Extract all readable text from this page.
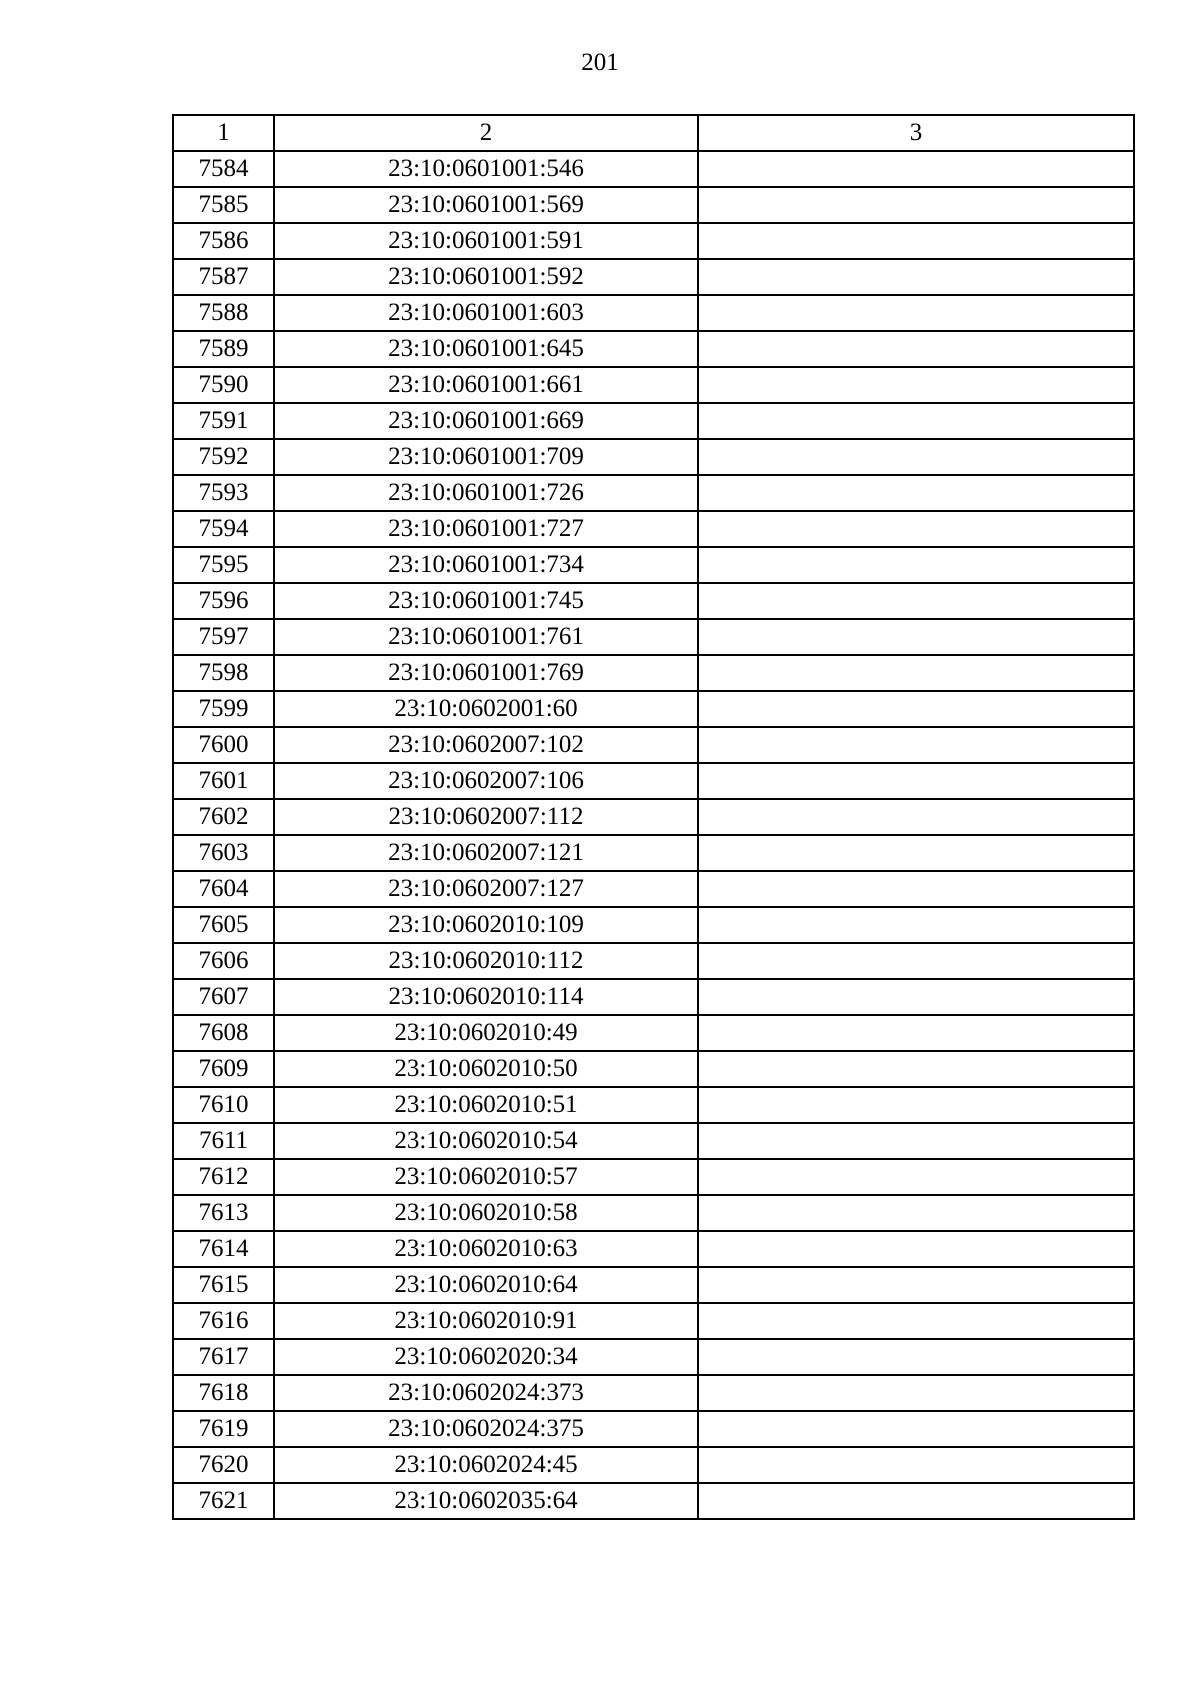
201
1	2	3
7584	23:10:0601001:546	
7585	23:10:0601001:569	
7586	23:10:0601001:591	
7587	23:10:0601001:592	
7588	23:10:0601001:603	
7589	23:10:0601001:645	
7590	23:10:0601001:661	
7591	23:10:0601001:669	
7592	23:10:0601001:709	
7593	23:10:0601001:726	
7594	23:10:0601001:727	
7595	23:10:0601001:734	
7596	23:10:0601001:745	
7597	23:10:0601001:761	
7598	23:10:0601001:769	
7599	23:10:0602001:60	
7600	23:10:0602007:102	
7601	23:10:0602007:106	
7602	23:10:0602007:112	
7603	23:10:0602007:121	
7604	23:10:0602007:127	
7605	23:10:0602010:109	
7606	23:10:0602010:112	
7607	23:10:0602010:114	
7608	23:10:0602010:49	
7609	23:10:0602010:50	
7610	23:10:0602010:51	
7611	23:10:0602010:54	
7612	23:10:0602010:57	
7613	23:10:0602010:58	
7614	23:10:0602010:63	
7615	23:10:0602010:64	
7616	23:10:0602010:91	
7617	23:10:0602020:34	
7618	23:10:0602024:373	
7619	23:10:0602024:375	
7620	23:10:0602024:45	
7621	23:10:0602035:64	
